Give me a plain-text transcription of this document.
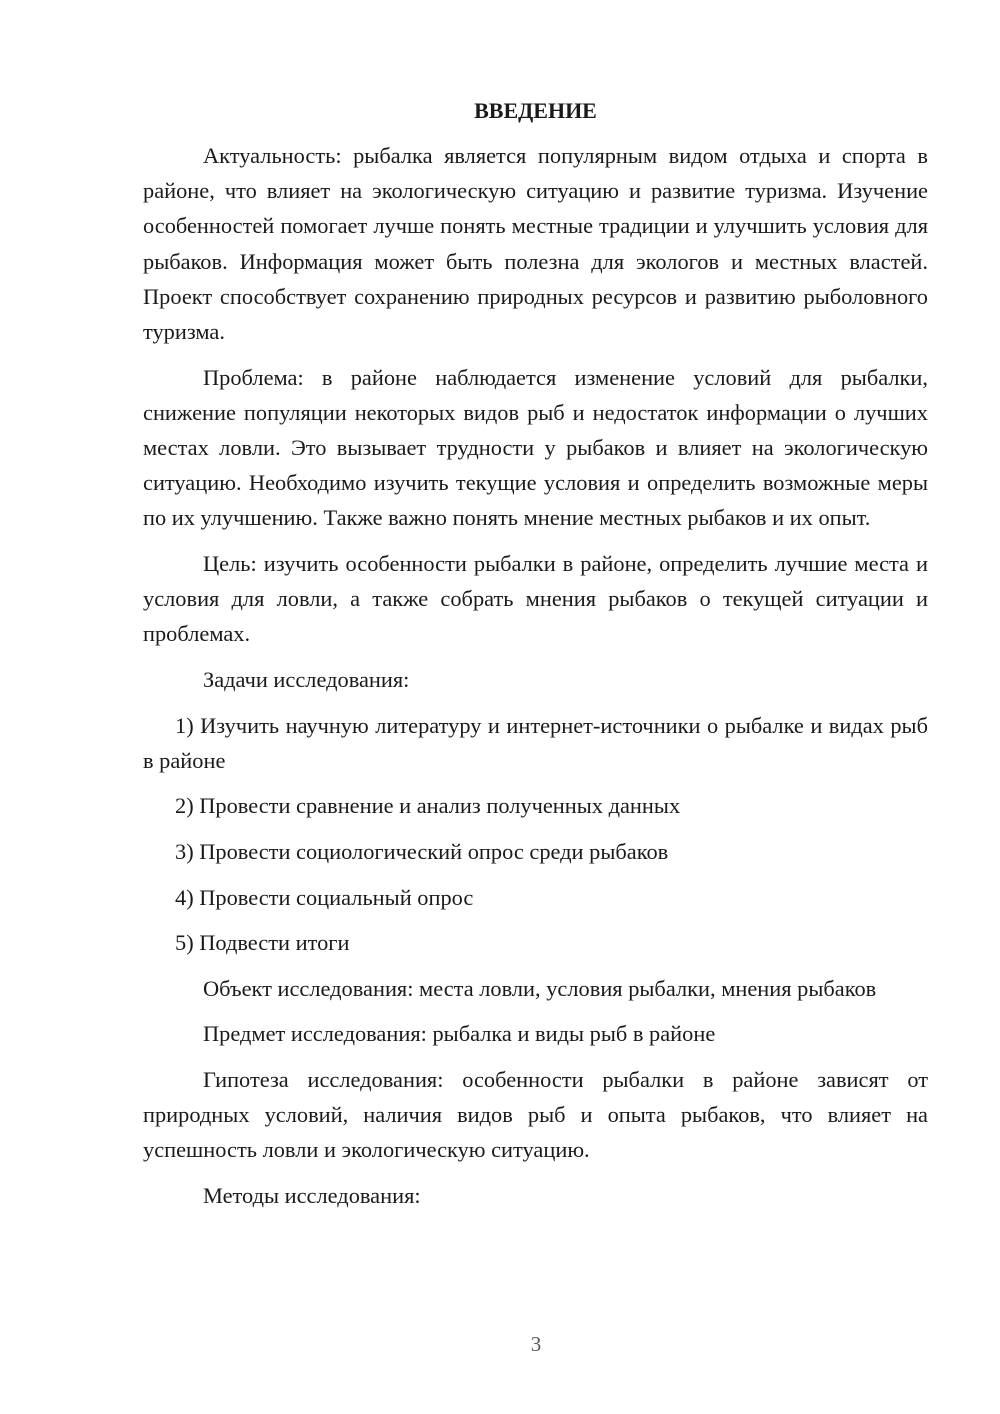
ВВЕДЕНИЕ

Актуальность: рыбалка является популярным видом отдыха и спорта в районе, что влияет на экологическую ситуацию и развитие туризма. Изучение особенностей помогает лучше понять местные традиции и улучшить условия для рыбаков. Информация может быть полезна для экологов и местных властей. Проект способствует сохранению природных ресурсов и развитию рыболовного туризма.

Проблема: в районе наблюдается изменение условий для рыбалки, снижение популяции некоторых видов рыб и недостаток информации о лучших местах ловли. Это вызывает трудности у рыбаков и влияет на экологическую ситуацию. Необходимо изучить текущие условия и определить возможные меры по их улучшению. Также важно понять мнение местных рыбаков и их опыт.

Цель: изучить особенности рыбалки в районе, определить лучшие места и условия для ловли, а также собрать мнения рыбаков о текущей ситуации и проблемах.

Задачи исследования:

1) Изучить научную литературу и интернет-источники о рыбалке и видах рыб в районе

2) Провести сравнение и анализ полученных данных

3) Провести социологический опрос среди рыбаков

4) Провести социальный опрос

5) Подвести итоги

Объект исследования: места ловли, условия рыбалки, мнения рыбаков

Предмет исследования: рыбалка и виды рыб в районе

Гипотеза исследования: особенности рыбалки в районе зависят от природных условий, наличия видов рыб и опыта рыбаков, что влияет на успешность ловли и экологическую ситуацию.

Методы исследования:

3
